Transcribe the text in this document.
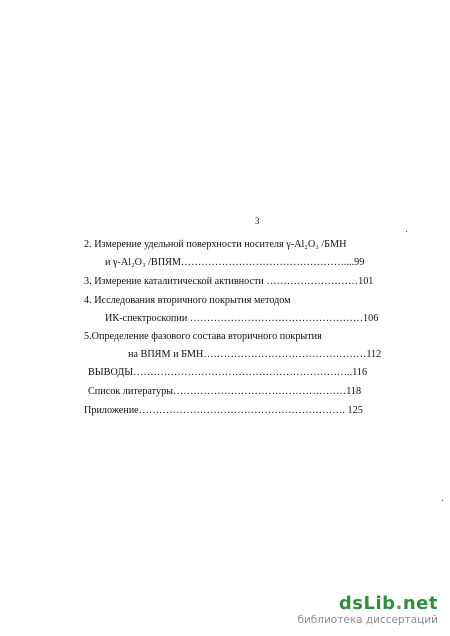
3
2. Измерение удельной поверхности носителя γ-Al₂O₃ /БМН
и γ-Al₂O₃ /ВПЯМ…………………………………………....99
3. Измерение каталитической активности ………………………101
4. Исследования вторичного покрытия методом
ИК-спектроскопии ……………………………………………106
5.Определение фазового состава вторичного покрытия
на ВПЯМ и БМН…………………………………………112
ВЫВОДЫ………………………………………………………..116
Список литературы……………………………………………118
Приложение……………………………………………………. 125
dsLib.net
библиотека диссертаций
